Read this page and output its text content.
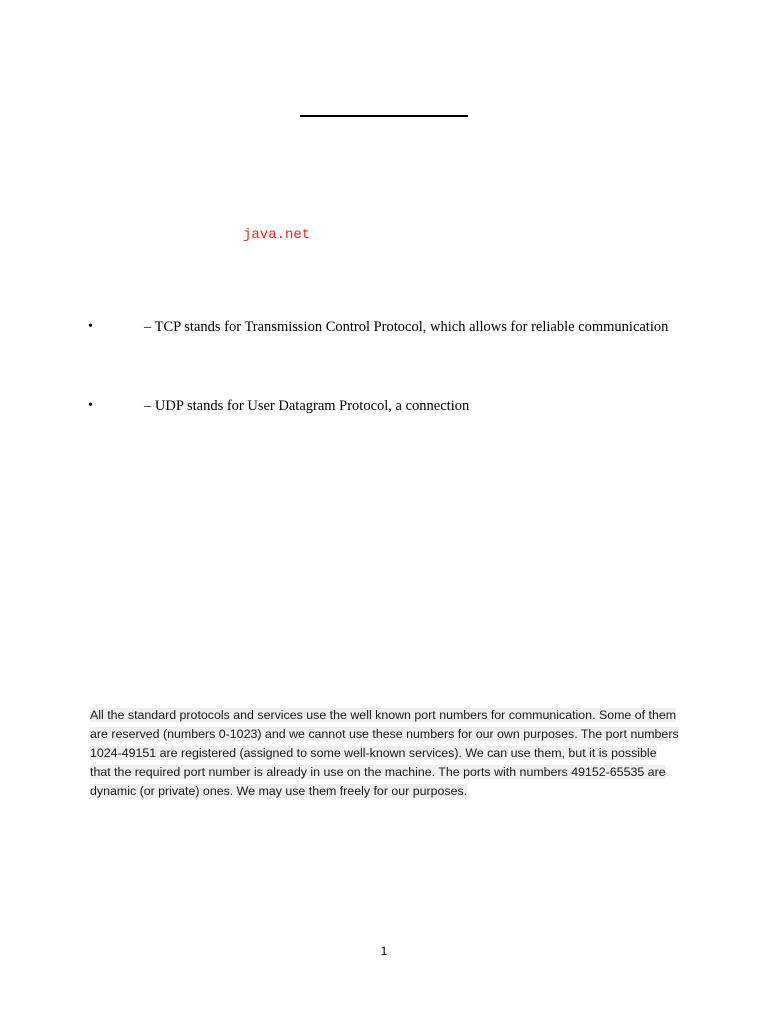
java.net
•	– TCP stands for Transmission Control Protocol, which allows for reliable communication
•	– UDP stands for User Datagram Protocol, a connection
All the standard protocols and services use the well known port numbers for communication. Some of them are reserved (numbers 0-1023) and we cannot use these numbers for our own purposes. The port numbers 1024-49151 are registered (assigned to some well-known services). We can use them, but it is possible that the required port number is already in use on the machine. The ports with numbers 49152-65535 are dynamic (or private) ones. We may use them freely for our purposes.
1
